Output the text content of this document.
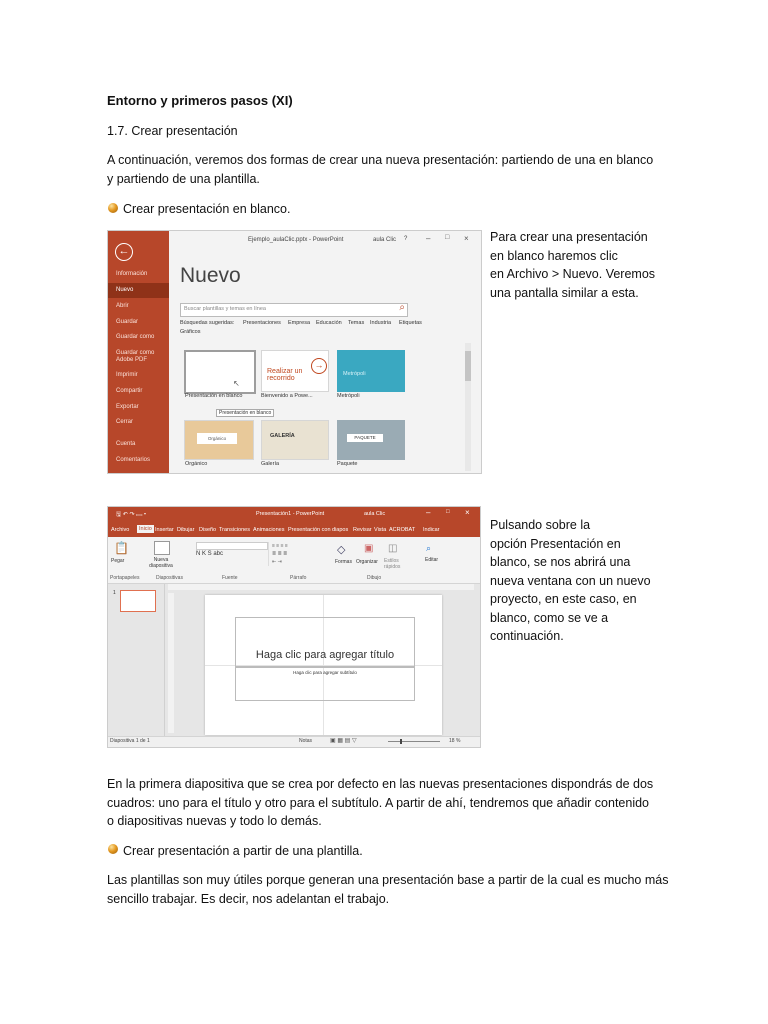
Entorno y primeros pasos (XI)
1.7. Crear presentación
A continuación, veremos dos formas de crear una nueva presentación: partiendo de una en blanco
y partiendo de una plantilla.
Crear presentación en blanco.
←
Información
Nuevo
Abrir
Guardar
Guardar como
Guardar como Adobe PDF
Imprimir
Compartir
Exportar
Cerrar
Cuenta
Comentarios
Ejemplo_aulaClic.pptx - PowerPoint	aula Clic ? – □ ×
Nuevo
Buscar plantillas y temas en línea	⌕
Búsquedas sugeridas: Presentaciones Empresa Educación Temas Industria Etiquetas
Gráficos
↖
Presentación en blanco
Presentación en blanco
Realizar un recorrido
→
Bienvenido a Powe...
Metrópoli
Metrópoli
Orgánico
Orgánico
GALERÍA
Galería
PAQUETE
Paquete
Para crear una presentación
en blanco haremos clic
en Archivo > Nuevo. Veremos
una pantalla similar a esta.
🖫 ↶ ↷ ▭ ▾	Presentación1 - PowerPoint	aula Clic	–	□ ×
Archivo	Inicio Insertar Dibujar Diseño Transiciones Animaciones Presentación con diapos Revisar Vista ACROBAT Indicar
📋
Pegar	Nueva diapositiva
N K S abc
≡ ≡ ≡ ≡
≣ ≣ ≣
⇤ ⇥
◇
Formas
▣
Organizar
◫
Estilos rápidos
⌕
Editar
Portapapeles	Diapositivas	Fuente	Párrafo	Dibujo
1
Haga clic para agregar título
Haga clic para agregar subtítulo
Diapositiva 1 de 1	Notas	▣ ▦ ▤ ▽	18 %
Pulsando sobre la
opción Presentación en
blanco, se nos abrirá una
nueva ventana con un nuevo
proyecto, en este caso, en
blanco, como se ve a
continuación.
En la primera diapositiva que se crea por defecto en las nuevas presentaciones dispondrás de dos
cuadros: uno para el título y otro para el subtítulo. A partir de ahí, tendremos que añadir contenido
o diapositivas nuevas y todo lo demás.
Crear presentación a partir de una plantilla.
Las plantillas son muy útiles porque generan una presentación base a partir de la cual es mucho más
sencillo trabajar. Es decir, nos adelantan el trabajo.
